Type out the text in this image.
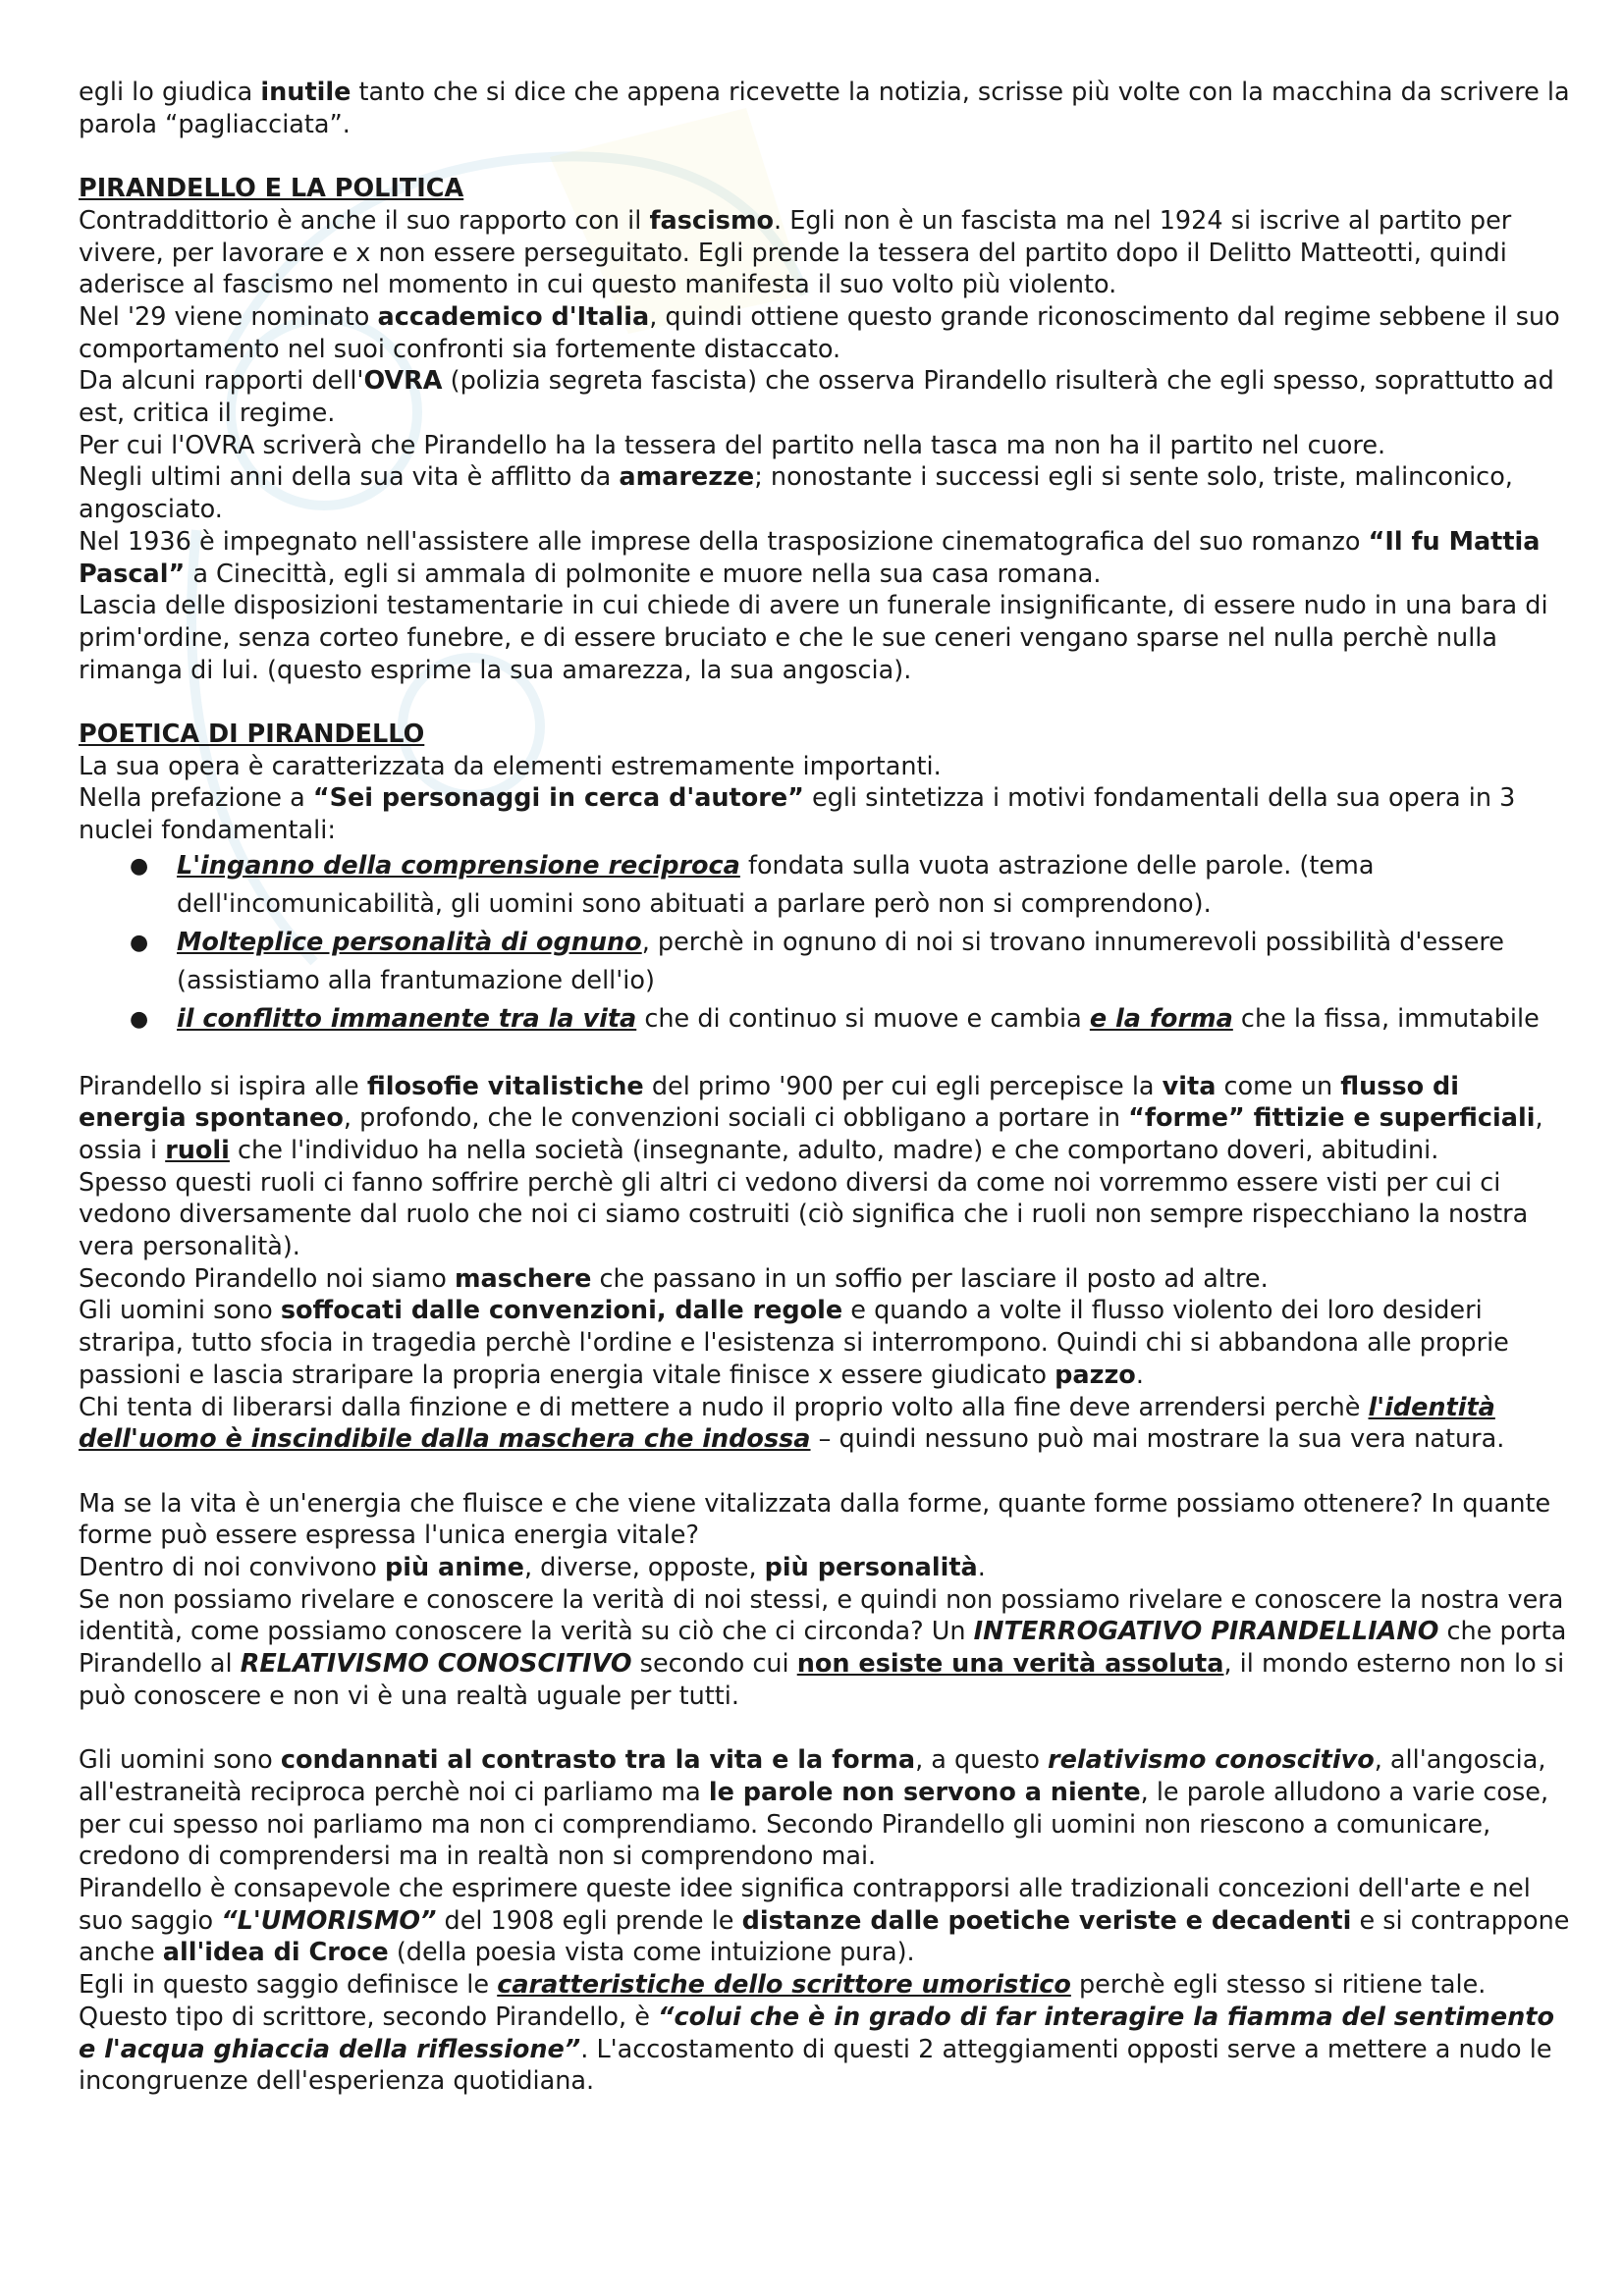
egli lo giudica inutile tanto che si dice che appena ricevette la notizia, scrisse più volte con la macchina da scrivere la parola “pagliacciata”.

PIRANDELLO E LA POLITICA

Contraddittorio è anche il suo rapporto con il fascismo. Egli non è un fascista ma nel 1924 si iscrive al partito per vivere, per lavorare e x non essere perseguitato. Egli prende la tessera del partito dopo il Delitto Matteotti, quindi aderisce al fascismo nel momento in cui questo manifesta il suo volto più violento.

Nel '29 viene nominato accademico d'Italia, quindi ottiene questo grande riconoscimento dal regime sebbene il suo comportamento nel suoi confronti sia fortemente distaccato.

Da alcuni rapporti dell'OVRA (polizia segreta fascista) che osserva Pirandello risulterà che egli spesso, soprattutto ad est, critica il regime.

Per cui l'OVRA scriverà che Pirandello ha la tessera del partito nella tasca ma non ha il partito nel cuore.

Negli ultimi anni della sua vita è afflitto da amarezze; nonostante i successi egli si sente solo, triste, malinconico, angosciato.

Nel 1936 è impegnato nell'assistere alle imprese della trasposizione cinematografica del suo romanzo “Il fu Mattia Pascal” a Cinecittà, egli si ammala di polmonite e muore nella sua casa romana.

Lascia delle disposizioni testamentarie in cui chiede di avere un funerale insignificante, di essere nudo in una bara di prim'ordine, senza corteo funebre, e di essere bruciato e che le sue ceneri vengano sparse nel nulla perchè nulla rimanga di lui. (questo esprime la sua amarezza, la sua angoscia).

POETICA DI PIRANDELLO

La sua opera è caratterizzata da elementi estremamente importanti.

Nella prefazione a “Sei personaggi in cerca d'autore” egli sintetizza i motivi fondamentali della sua opera in 3 nuclei fondamentali:

● L'inganno della comprensione reciproca fondata sulla vuota astrazione delle parole. (tema dell'incomunicabilità, gli uomini sono abituati a parlare però non si comprendono).
● Molteplice personalità di ognuno, perchè in ognuno di noi si trovano innumerevoli possibilità d'essere (assistiamo alla frantumazione dell'io)
● il conflitto immanente tra la vita che di continuo si muove e cambia e la forma che la fissa, immutabile

Pirandello si ispira alle filosofie vitalistiche del primo '900 per cui egli percepisce la vita come un flusso di energia spontaneo, profondo, che le convenzioni sociali ci obbligano a portare in “forme” fittizie e superficiali, ossia i ruoli che l'individuo ha nella società (insegnante, adulto, madre) e che comportano doveri, abitudini.

Spesso questi ruoli ci fanno soffrire perchè gli altri ci vedono diversi da come noi vorremmo essere visti per cui ci vedono diversamente dal ruolo che noi ci siamo costruiti (ciò significa che i ruoli non sempre rispecchiano la nostra vera personalità).

Secondo Pirandello noi siamo maschere che passano in un soffio per lasciare il posto ad altre.

Gli uomini sono soffocati dalle convenzioni, dalle regole e quando a volte il flusso violento dei loro desideri straripa, tutto sfocia in tragedia perchè l'ordine e l'esistenza si interrompono. Quindi chi si abbandona alle proprie passioni e lascia straripare la propria energia vitale finisce x essere giudicato pazzo.

Chi tenta di liberarsi dalla finzione e di mettere a nudo il proprio volto alla fine deve arrendersi perchè l'identità dell'uomo è inscindibile dalla maschera che indossa – quindi nessuno può mai mostrare la sua vera natura.

Ma se la vita è un'energia che fluisce e che viene vitalizzata dalla forme, quante forme possiamo ottenere? In quante forme può essere espressa l'unica energia vitale?

Dentro di noi convivono più anime, diverse, opposte, più personalità.

Se non possiamo rivelare e conoscere la verità di noi stessi, e quindi non possiamo rivelare e conoscere la nostra vera identità, come possiamo conoscere la verità su ciò che ci circonda? Un INTERROGATIVO PIRANDELLIANO che porta Pirandello al RELATIVISMO CONOSCITIVO secondo cui non esiste una verità assoluta, il mondo esterno non lo si può conoscere e non vi è una realtà uguale per tutti.

Gli uomini sono condannati al contrasto tra la vita e la forma, a questo relativismo conoscitivo, all'angoscia, all'estraneità reciproca perchè noi ci parliamo ma le parole non servono a niente, le parole alludono a varie cose, per cui spesso noi parliamo ma non ci comprendiamo. Secondo Pirandello gli uomini non riescono a comunicare, credono di comprendersi ma in realtà non si comprendono mai.

Pirandello è consapevole che esprimere queste idee significa contrapporsi alle tradizionali concezioni dell'arte e nel suo saggio “L'UMORISMO” del 1908 egli prende le distanze dalle poetiche veriste e decadenti e si contrappone anche all'idea di Croce (della poesia vista come intuizione pura).

Egli in questo saggio definisce le caratteristiche dello scrittore umoristico perchè egli stesso si ritiene tale. Questo tipo di scrittore, secondo Pirandello, è “colui che è in grado di far interagire la fiamma del sentimento e l'acqua ghiaccia della riflessione”. L'accostamento di questi 2 atteggiamenti opposti serve a mettere a nudo le incongruenze dell'esperienza quotidiana.
